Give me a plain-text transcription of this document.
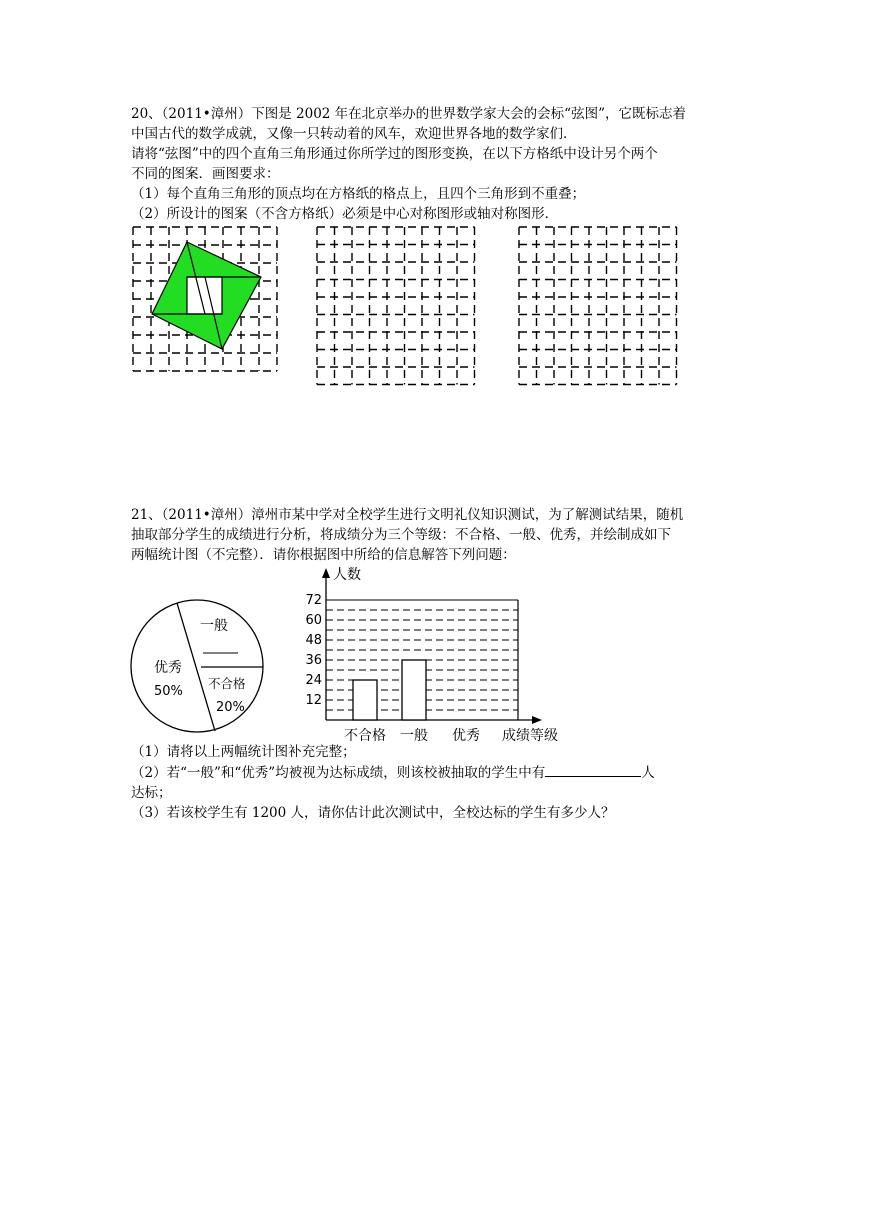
20、（2011•漳州）下图是 2002 年在北京举办的世界数学家大会的会标“弦图”，它既标志着
中国古代的数学成就，又像一只转动着的风车，欢迎世界各地的数学家们．
请将“弦图”中的四个直角三角形通过你所学过的图形变换，在以下方格纸中设计另个两个
不同的图案．画图要求：
（1）每个直角三角形的顶点均在方格纸的格点上，且四个三角形到不重叠；
（2）所设计的图案（不含方格纸）必须是中心对称图形或轴对称图形．
21、（2011•漳州）漳州市某中学对全校学生进行文明礼仪知识测试，为了解测试结果，随机
抽取部分学生的成绩进行分析，将成绩分为三个等级：不合格、一般、优秀，并绘制成如下
两幅统计图（不完整）．请你根据图中所给的信息解答下列问题：
一般
优秀
50%
不合格
20%	12
24
36
48
60
72
不合格 一般 优秀
人数
成绩等级
（1）请将以上两幅统计图补充完整；
（2）若“一般”和“优秀”均被视为达标成绩，则该校被抽取的学生中有	人
达标；
（3）若该校学生有 1200 人，请你估计此次测试中，全校达标的学生有多少人？
